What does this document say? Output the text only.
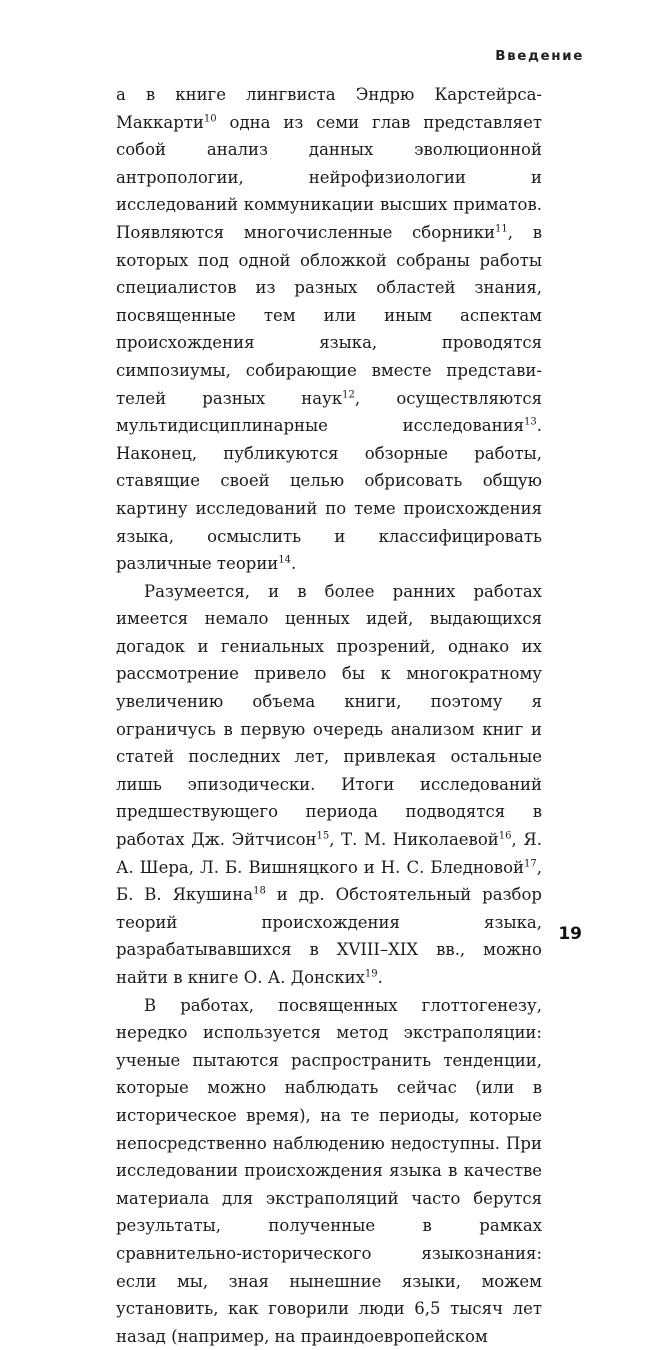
Введение

а в книге лингвиста Эндрю Карстейрса-Маккарти$^{10}$ одна из семи глав представляет собой анализ данных эволюционной антропологии, нейрофизиологии и исследований коммуникации высших приматов. Появляются многочисленные сборники$^{11}$, в которых под одной обложкой собраны работы специалистов из разных областей знания, посвященные тем или иным аспектам происхождения языка, проводятся симпозиумы, собирающие вместе представителей разных наук$^{12}$, осуществляются мультидисциплинарные исследования$^{13}$. Наконец, публикуются обзорные работы, ставящие своей целью обрисовать общую картину исследований по теме происхождения языка, осмыслить и классифицировать различные теории$^{14}$.

Разумеется, и в более ранних работах имеется немало ценных идей, выдающихся догадок и гениальных прозрений, однако их рассмотрение привело бы к многократному увеличению объема книги, поэтому я ограничусь в первую очередь анализом книг и статей последних лет, привлекая остальные лишь эпизодически. Итоги исследований предшествующего периода подводятся в работах Дж. Эйтчисон$^{15}$, Т. М. Николаевой$^{16}$, Я. А. Шера, Л. Б. Вишняцкого и Н. С. Бледновой$^{17}$, Б. В. Якушина$^{18}$ и др. Обстоятельный разбор теорий происхождения языка, разрабатывавшихся в XVIII–XIX вв., можно найти в книге О. А. Донских$^{19}$.

В работах, посвященных глоттогенезу, нередко используется метод экстраполяции: ученые пытаются распространить тенденции, которые можно наблюдать сейчас (или в историческое время), на те периоды, которые непосредственно наблюдению недоступны. При исследовании происхождения языка в качестве материала для экстраполяций часто берутся результаты, полученные в рамках сравнительно-исторического языкознания: если мы, зная нынешние языки, можем установить, как говорили люди 6,5 тысяч лет назад (например, на праиндоевропейском

19
